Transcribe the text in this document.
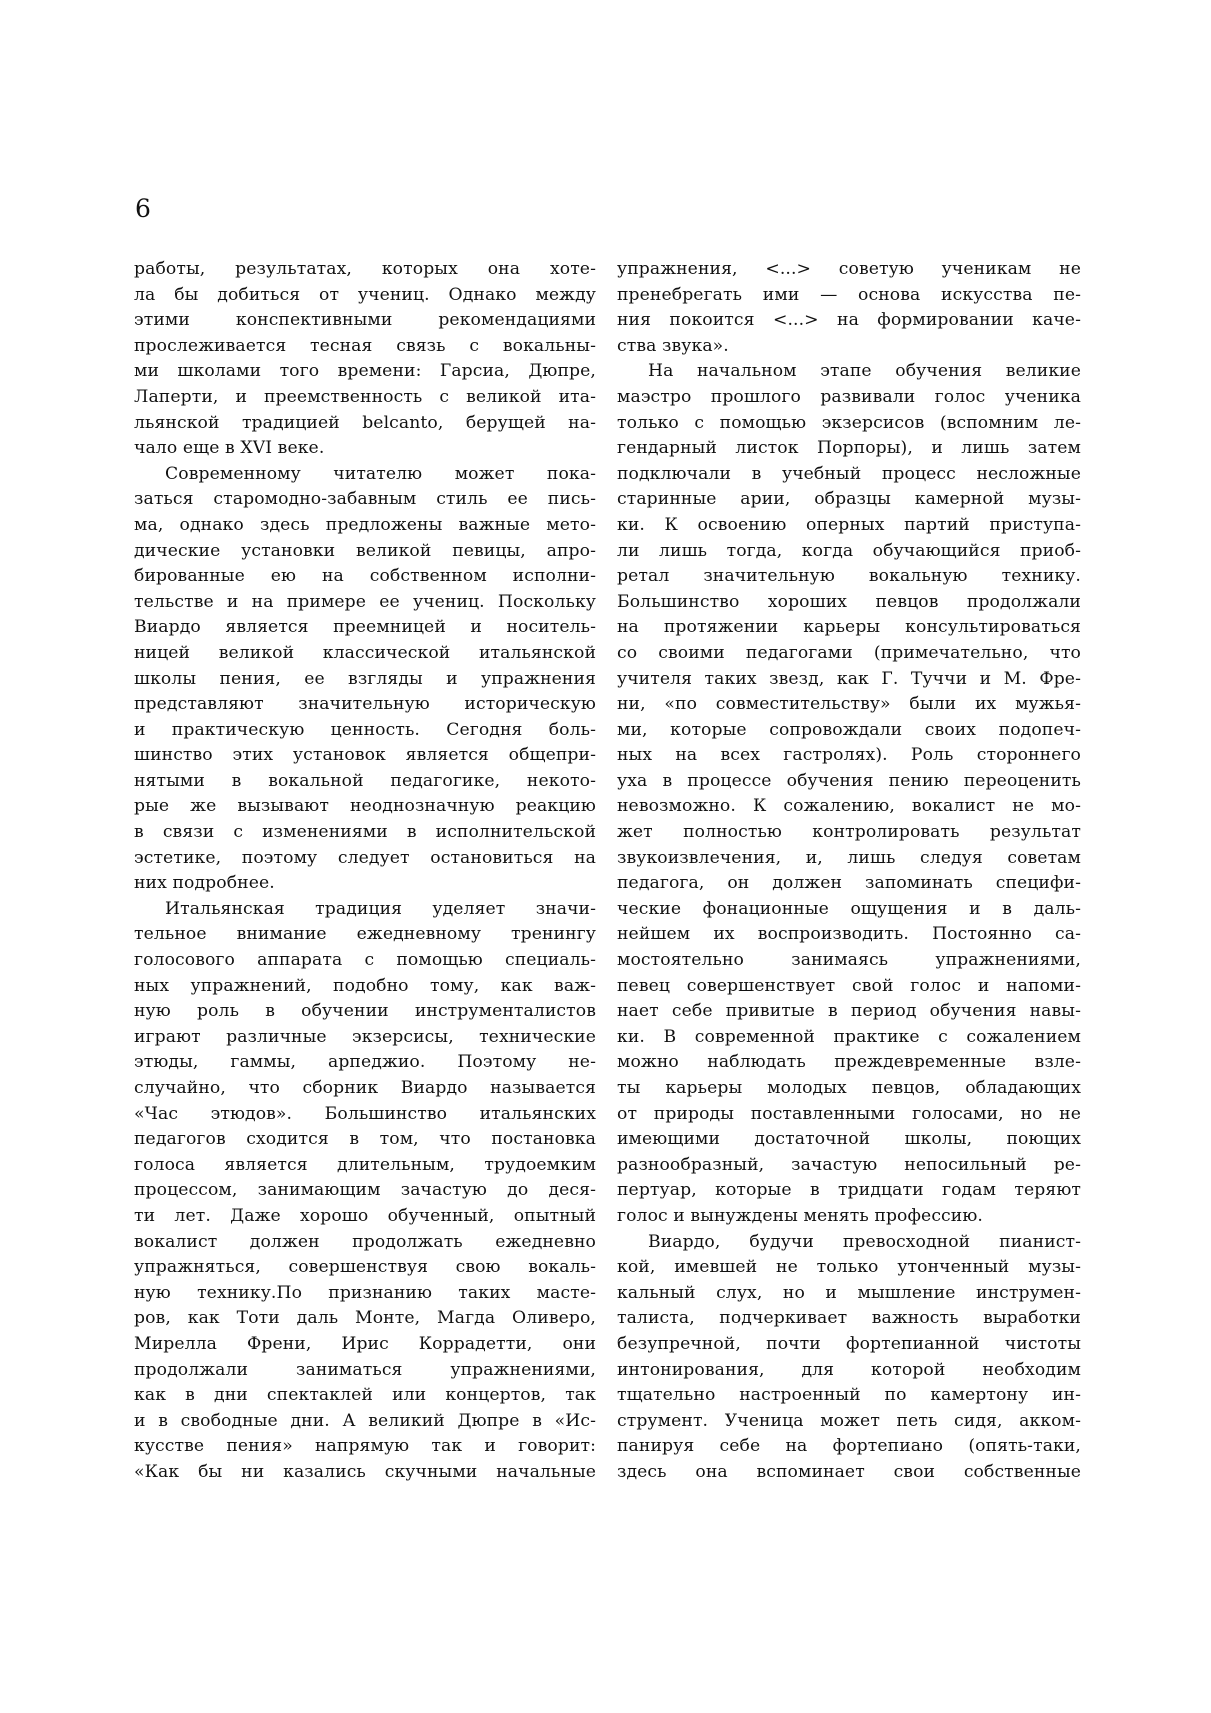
6
работы, результатах, которых она хоте-
ла бы добиться от учениц. Однако между
этими конспективными рекомендациями
прослеживается тесная связь с вокальны-
ми школами того времени: Гарсиа, Дюпре,
Лаперти, и преемственность с великой ита-
льянской традицией belcanto, берущей на-
чало еще в XVI веке.
Современному читателю может пока-
заться старомодно-забавным стиль ее пись-
ма, однако здесь предложены важные мето-
дические установки великой певицы, апро-
бированные ею на собственном исполни-
тельстве и на примере ее учениц. Поскольку
Виардо является преемницей и носитель-
ницей великой классической итальянской
школы пения, ее взгляды и упражнения
представляют значительную историческую
и практическую ценность. Сегодня боль-
шинство этих установок является общепри-
нятыми в вокальной педагогике, некото-
рые же вызывают неоднозначную реакцию
в связи с изменениями в исполнительской
эстетике, поэтому следует остановиться на
них подробнее.
Итальянская традиция уделяет значи-
тельное внимание ежедневному тренингу
голосового аппарата с помощью специаль-
ных упражнений, подобно тому, как важ-
ную роль в обучении инструменталистов
играют различные экзерсисы, технические
этюды, гаммы, арпеджио. Поэтому не-
случайно, что сборник Виардо называется
«Час этюдов». Большинство итальянских
педагогов сходится в том, что постановка
голоса является длительным, трудоемким
процессом, занимающим зачастую до деся-
ти лет. Даже хорошо обученный, опытный
вокалист должен продолжать ежедневно
упражняться, совершенствуя свою вокаль-
ную технику.По признанию таких масте-
ров, как Тоти даль Монте, Магда Оливеро,
Мирелла Френи, Ирис Коррадетти, они
продолжали заниматься упражнениями,
как в дни спектаклей или концертов, так
и в свободные дни. А великий Дюпре в «Ис-
кусстве пения» напрямую так и говорит:
«Как бы ни казались скучными начальные
упражнения, <...> советую ученикам не
пренебрегать ими — основа искусства пе-
ния покоится <...> на формировании каче-
ства звука».
На начальном этапе обучения великие
маэстро прошлого развивали голос ученика
только с помощью экзерсисов (вспомним ле-
гендарный листок Порпоры), и лишь затем
подключали в учебный процесс несложные
старинные арии, образцы камерной музы-
ки. К освоению оперных партий приступа-
ли лишь тогда, когда обучающийся приоб-
ретал значительную вокальную технику.
Большинство хороших певцов продолжали
на протяжении карьеры консультироваться
со своими педагогами (примечательно, что
учителя таких звезд, как Г. Туччи и М. Фре-
ни, «по совместительству» были их мужья-
ми, которые сопровождали своих подопеч-
ных на всех гастролях). Роль стороннего
уха в процессе обучения пению переоценить
невозможно. К сожалению, вокалист не мо-
жет полностью контролировать результат
звукоизвлечения, и, лишь следуя советам
педагога, он должен запоминать специфи-
ческие фонационные ощущения и в даль-
нейшем их воспроизводить. Постоянно са-
мостоятельно занимаясь упражнениями,
певец совершенствует свой голос и напоми-
нает себе привитые в период обучения навы-
ки. В современной практике с сожалением
можно наблюдать преждевременные взле-
ты карьеры молодых певцов, обладающих
от природы поставленными голосами, но не
имеющими достаточной школы, поющих
разнообразный, зачастую непосильный ре-
пертуар, которые в тридцати годам теряют
голос и вынуждены менять профессию.
Виардо, будучи превосходной пианист-
кой, имевшей не только утонченный музы-
кальный слух, но и мышление инструмен-
талиста, подчеркивает важность выработки
безупречной, почти фортепианной чистоты
интонирования, для которой необходим
тщательно настроенный по камертону ин-
струмент. Ученица может петь сидя, акком-
панируя себе на фортепиано (опять-таки,
здесь она вспоминает свои собственные
